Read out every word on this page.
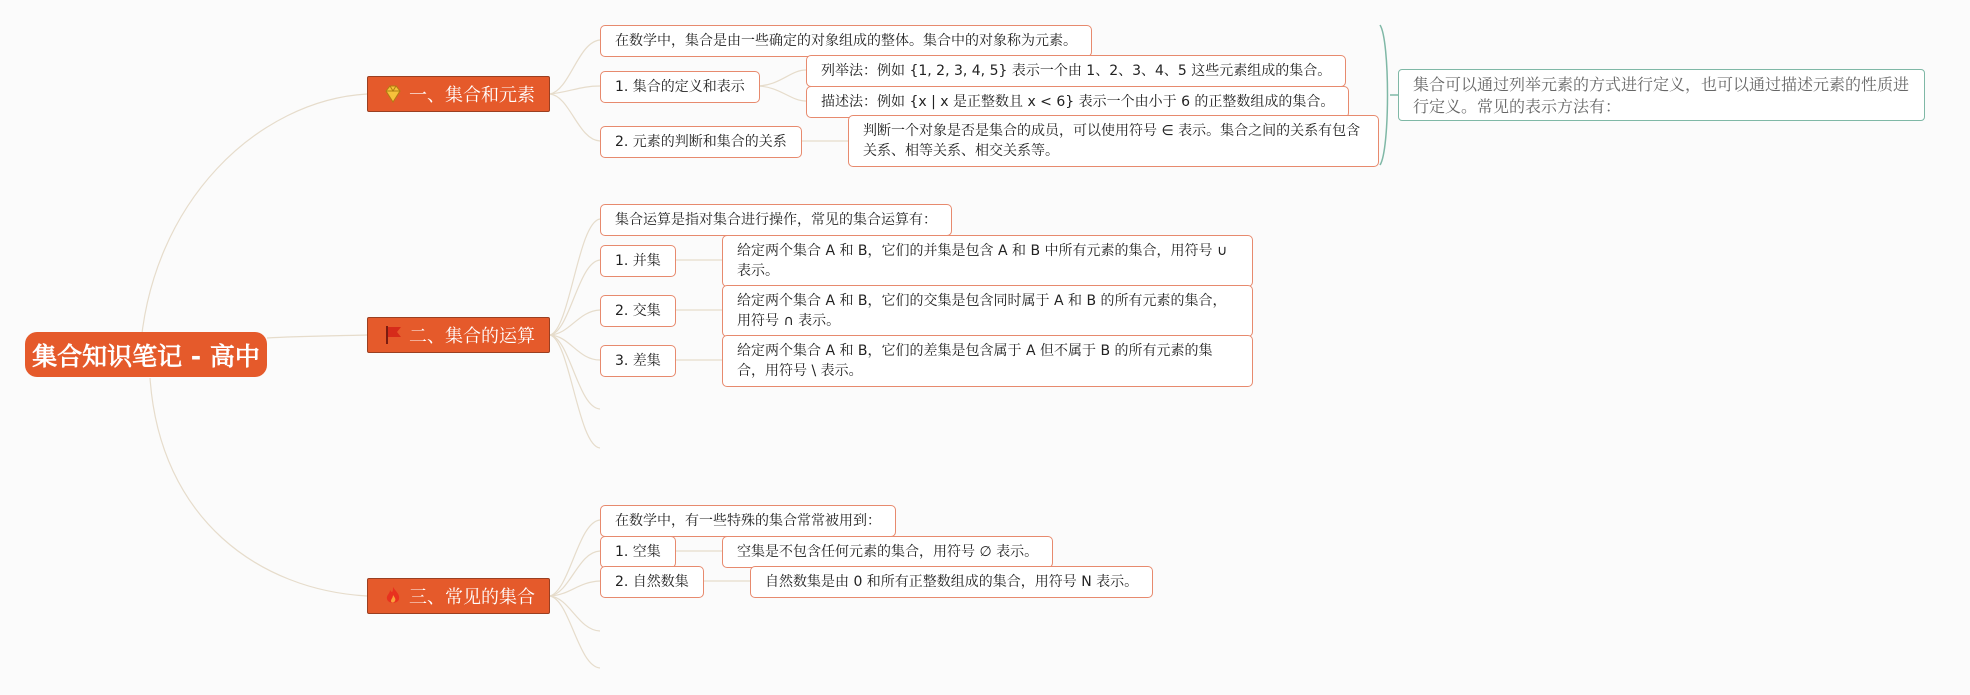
集合知识笔记 - 高中
一、集合和元素
二、集合的运算
三、常见的集合
在数学中，集合是由一些确定的对象组成的整体。集合中的对象称为元素。
1. 集合的定义和表示
列举法：例如 {1, 2, 3, 4, 5} 表示一个由 1、2、3、4、5 这些元素组成的集合。
描述法：例如 {x | x 是正整数且 x < 6} 表示一个由小于 6 的正整数组成的集合。
2. 元素的判断和集合的关系
判断一个对象是否是集合的成员，可以使用符号 ∈ 表示。集合之间的关系有包含关系、相等关系、相交关系等。
集合可以通过列举元素的方式进行定义，也可以通过描述元素的性质进行定义。常见的表示方法有：
集合运算是指对集合进行操作，常见的集合运算有：
1. 并集
给定两个集合 A 和 B，它们的并集是包含 A 和 B 中所有元素的集合，用符号 ∪ 表示。
2. 交集
给定两个集合 A 和 B，它们的交集是包含同时属于 A 和 B 的所有元素的集合，用符号 ∩ 表示。
3. 差集
给定两个集合 A 和 B，它们的差集是包含属于 A 但不属于 B 的所有元素的集合，用符号 \ 表示。
在数学中，有一些特殊的集合常常被用到：
1. 空集	空集是不包含任何元素的集合，用符号 ∅ 表示。
2. 自然数集	自然数集是由 0 和所有正整数组成的集合，用符号 N 表示。
